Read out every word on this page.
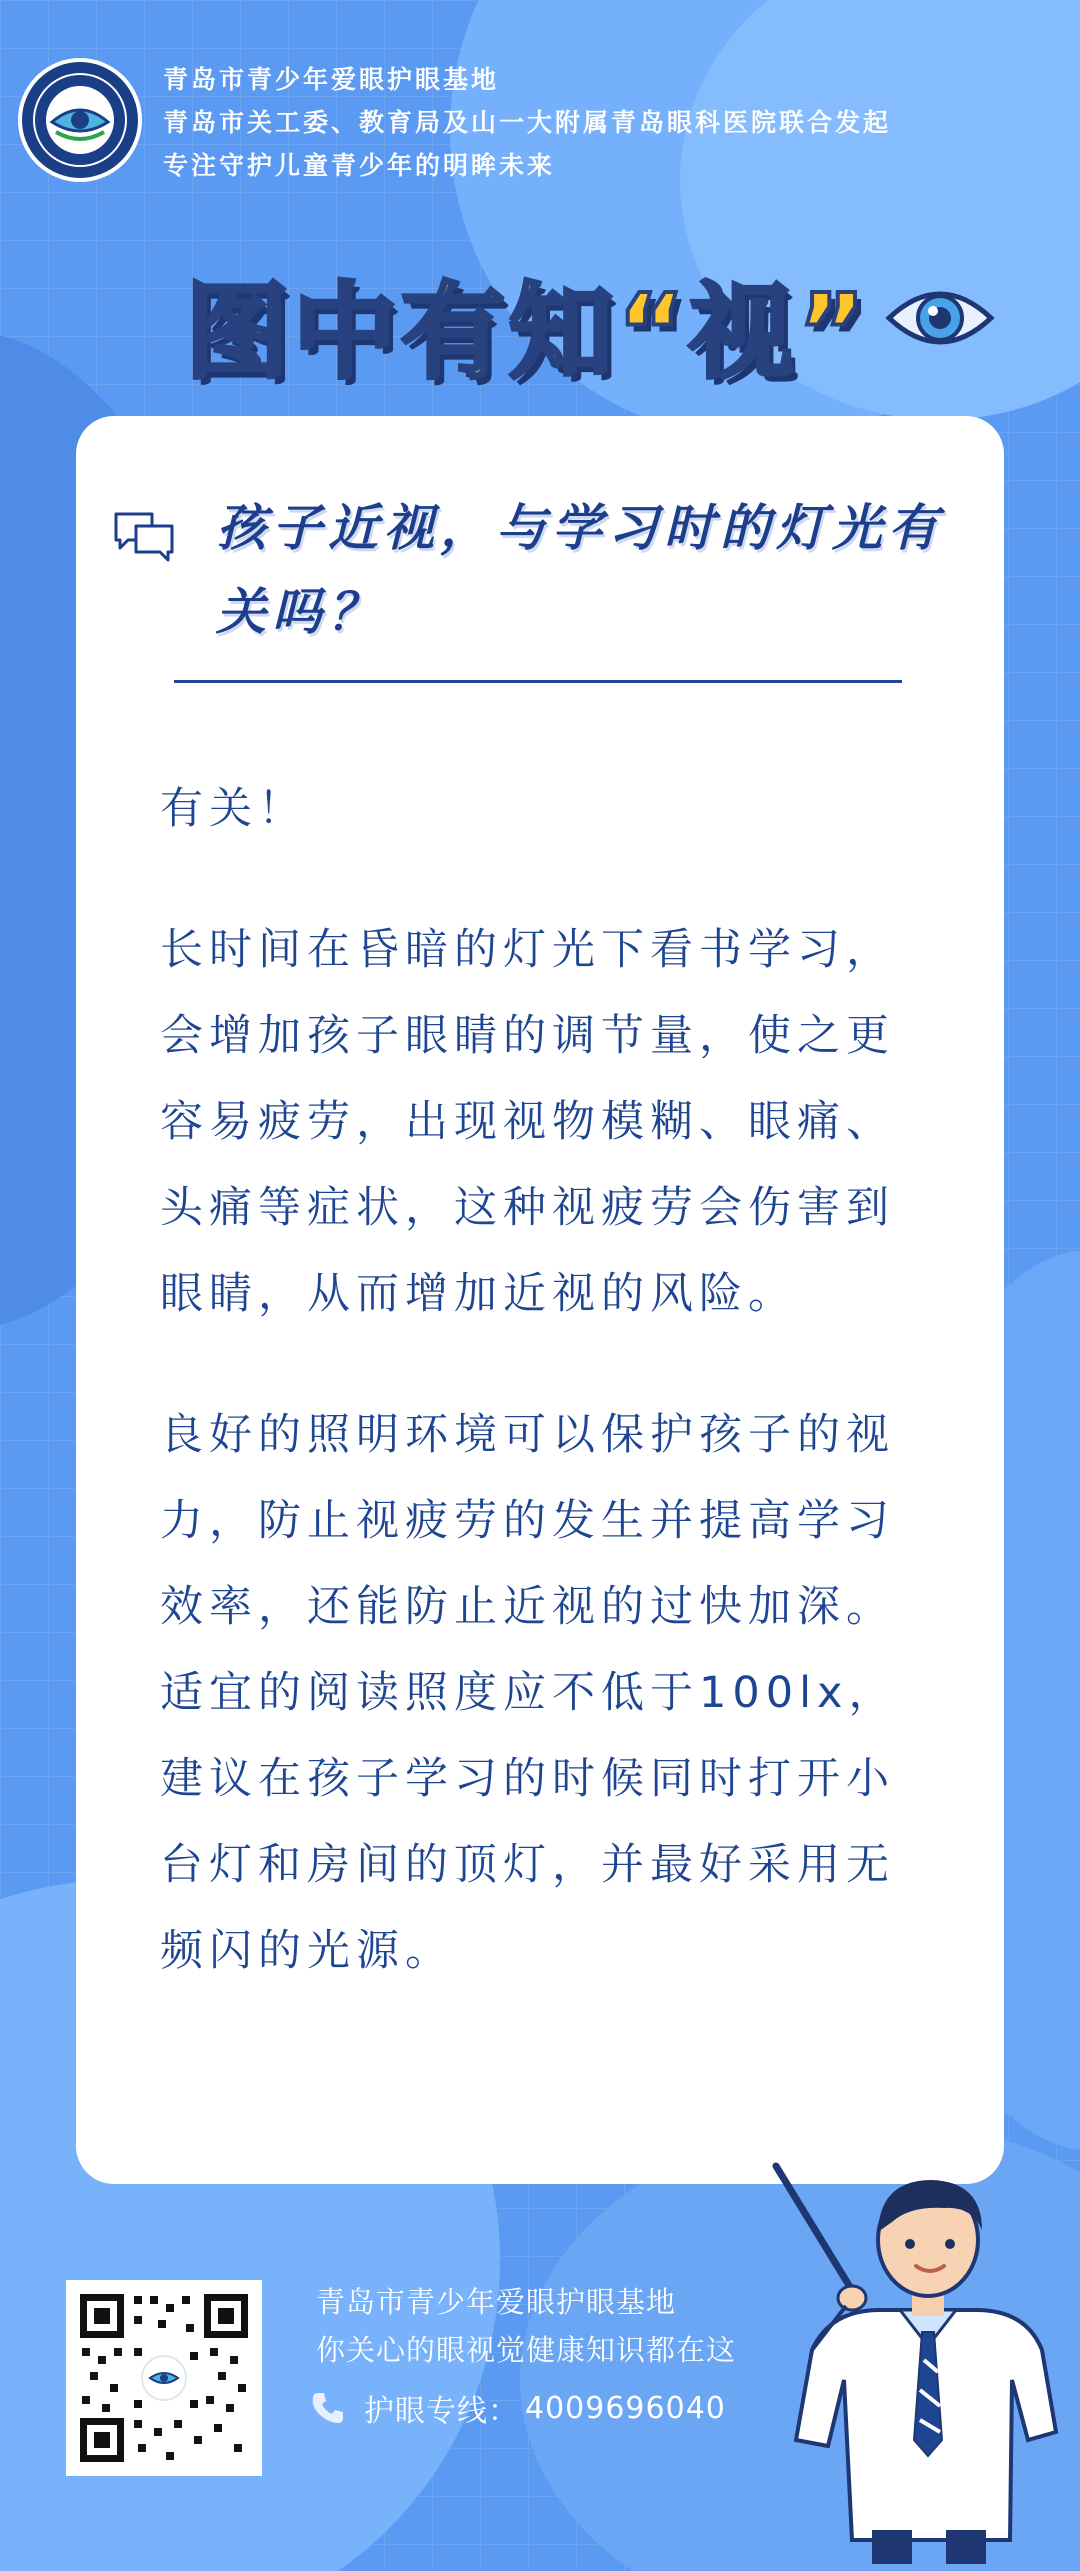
青岛市青少年爱眼护眼基地
青岛市关工委、教育局及山一大附属青岛眼科医院联合发起
专注守护儿童青少年的明眸未来
图中有知“视”
孩子近视，与学习时的灯光有关吗？

有关！

长时间在昏暗的灯光下看书学习，会增加孩子眼睛的调节量，使之更容易疲劳，出现视物模糊、眼痛、头痛等症状，这种视疲劳会伤害到眼睛，从而增加近视的风险。

良好的照明环境可以保护孩子的视力，防止视疲劳的发生并提高学习效率，还能防止近视的过快加深。适宜的阅读照度应不低于100lx，建议在孩子学习的时候同时打开小台灯和房间的顶灯，并最好采用无频闪的光源。

青岛市青少年爱眼护眼基地
你关心的眼视觉健康知识都在这
护眼专线： 4009696040
